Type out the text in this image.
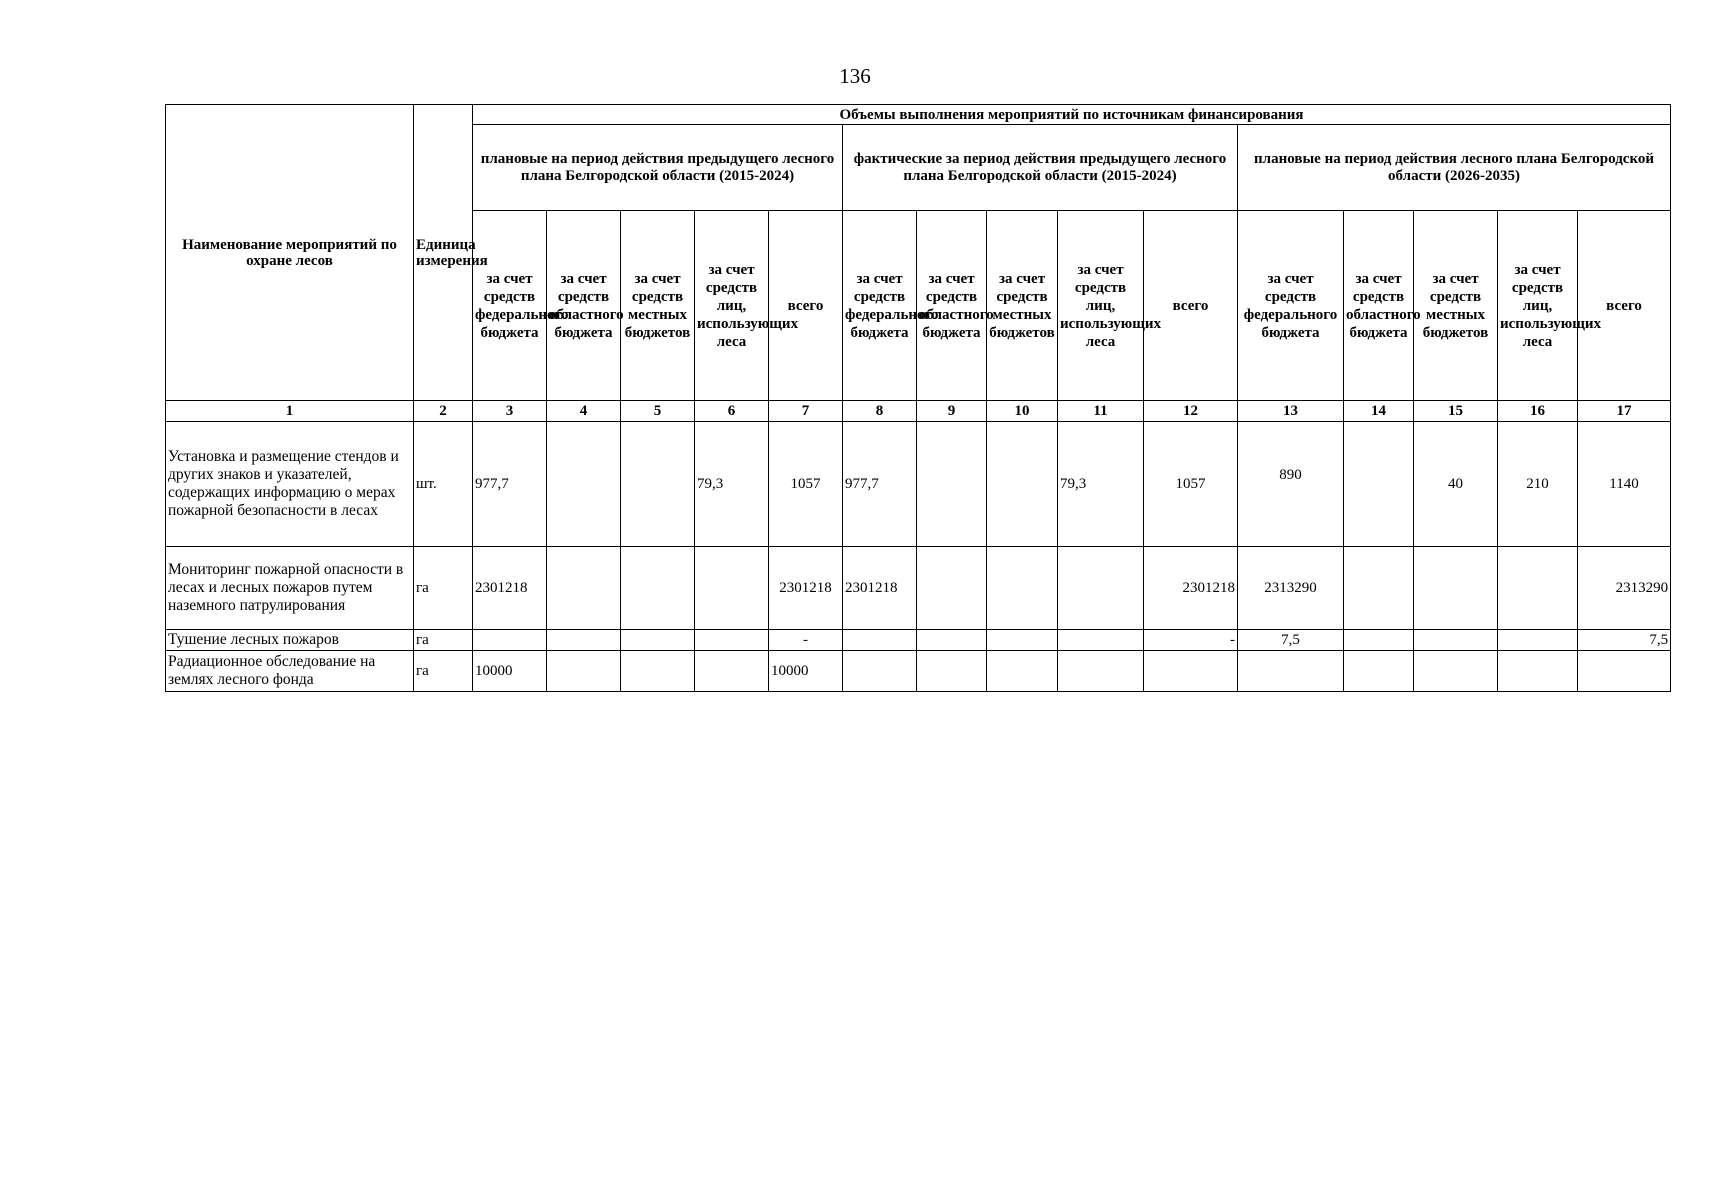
136
Наименование мероприятий по охране лесов	Единица измерения	Объемы выполнения мероприятий по источникам финансирования														
		плановые на период действия предыдущего лесного плана Белгородской области (2015-2024)					фактические за период действия предыдущего лесного плана Белгородской области (2015-2024)					плановые на период действия лесного плана Белгородской области (2026-2035)				
		за счет средств федерального бюджета	за счет средств областного бюджета	за счет средств местных бюджетов	за счет средств лиц, использующих леса	всего	за счет средств федерального бюджета	за счет средств областного бюджета	за счет средств местных бюджетов	за счет средств лиц, использующих леса	всего	за счет средств федерального бюджета	за счет средств областного бюджета	за счет средств местных бюджетов	за счет средств лиц, использующих леса	всего
1	2	3	4	5	6	7	8	9	10	11	12	13	14	15	16	17
Установка и размещение стендов и других знаков и указателей, содержащих информацию о мерах пожарной безопасности в лесах	шт.	977,7			79,3	1057	977,7			79,3	1057	890		40	210	1140
Мониторинг пожарной опасности в лесах и лесных пожаров путем наземного патрулирования	га	2301218				2301218	2301218				2301218	2313290				2313290
Тушение лесных пожаров	га					-					-	7,5				7,5
Радиационное обследование на землях лесного фонда	га	10000				10000										
